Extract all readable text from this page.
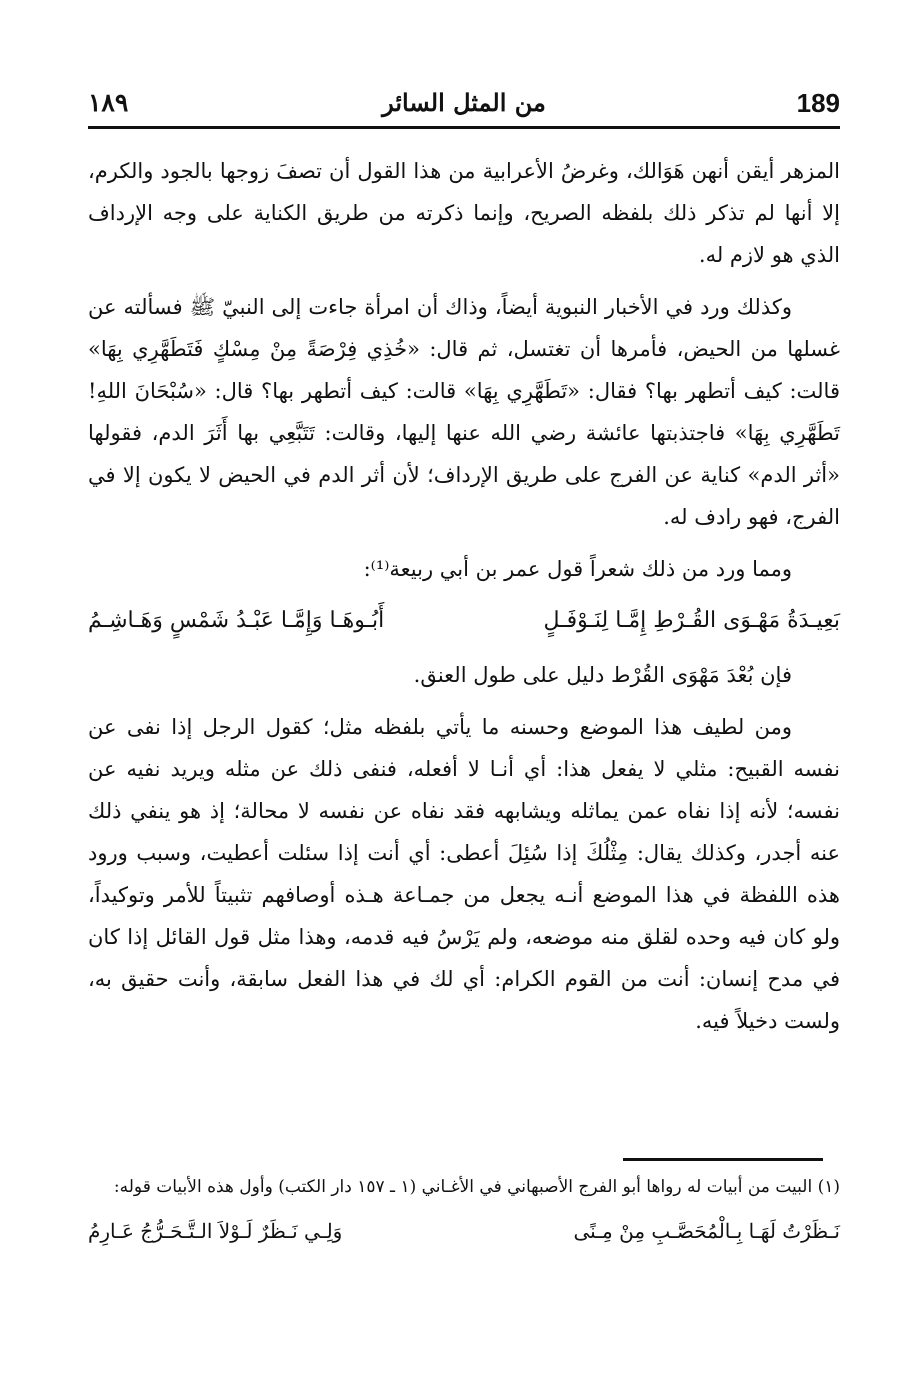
189
من المثل السائر
١٨٩

المزهر أيقن أنهن هَوَالك، وغرضُ الأعرابية من هذا القول أن تصفَ زوجها بالجود والكرم، إلا أنها لم تذكر ذلك بلفظه الصريح، وإنما ذكرته من طريق الكناية على وجه الإرداف الذي هو لازم له.

وكذلك ورد في الأخبار النبوية أيضاً، وذاك أن امرأة جاءت إلى النبيّ ﷺ فسألته عن غسلها من الحيض، فأمرها أن تغتسل، ثم قال: «خُذِي فِرْصَةً مِنْ مِسْكٍ فَتَطَهَّرِي بِهَا» قالت: كيف أتطهر بها؟ فقال: «تَطَهَّرِي بِهَا» قالت: كيف أتطهر بها؟ قال: «سُبْحَانَ اللهِ! تَطَهَّرِي بِهَا» فاجتذبتها عائشة رضي الله عنها إليها، وقالت: تَتَبَّعِي بها أَثَرَ الدم، فقولها «أثر الدم» كناية عن الفرج على طريق الإرداف؛ لأن أثر الدم في الحيض لا يكون إلا في الفرج، فهو رادف له.

ومما ورد من ذلك شعراً قول عمر بن أبي ربيعة⁽¹⁾:

بَعِيـدَةُ مَهْـوَى القُـرْطِ إِمَّـا لِنَـوْفَـلٍ
أَبُـوهَـا وَإِمَّـا عَبْـدُ شَمْسٍ وَهَـاشِـمُ

فإن بُعْدَ مَهْوَى القُرْط دليل على طول العنق.

ومن لطيف هذا الموضع وحسنه ما يأتي بلفظه مثل؛ كقول الرجل إذا نفى عن نفسه القبيح: مثلي لا يفعل هذا: أي أنـا لا أفعله، فنفى ذلك عن مثله ويريد نفيه عن نفسه؛ لأنه إذا نفاه عمن يماثله ويشابهه فقد نفاه عن نفسه لا محالة؛ إذ هو ينفي ذلك عنه أجدر، وكذلك يقال: مِثْلُكَ إذا سُئِلَ أعطى: أي أنت إذا سئلت أعطيت، وسبب ورود هذه اللفظة في هذا الموضع أنـه يجعل من جمـاعة هـذه أوصافهم تثبيتاً للأمر وتوكيداً، ولو كان فيه وحده لقلق منه موضعه، ولم يَرْسُ فيه قدمه، وهذا مثل قول القائل إذا كان في مدح إنسان: أنت من القوم الكرام: أي لك في هذا الفعل سابقة، وأنت حقيق به، ولست دخيلاً فيه.

(١) البيت من أبيات له رواها أبو الفرج الأصبهاني في الأغـاني (١ ـ ١٥٧ دار الكتب) وأول هذه الأبيات قوله:

نَـظَرْتُ لَهَـا بِـالْمُحَصَّـبِ مِنْ مِـنًى
وَلِـي نَـظَرٌ لَـوْلاَ الـتَّـحَـرُّجُ عَـارِمُ
